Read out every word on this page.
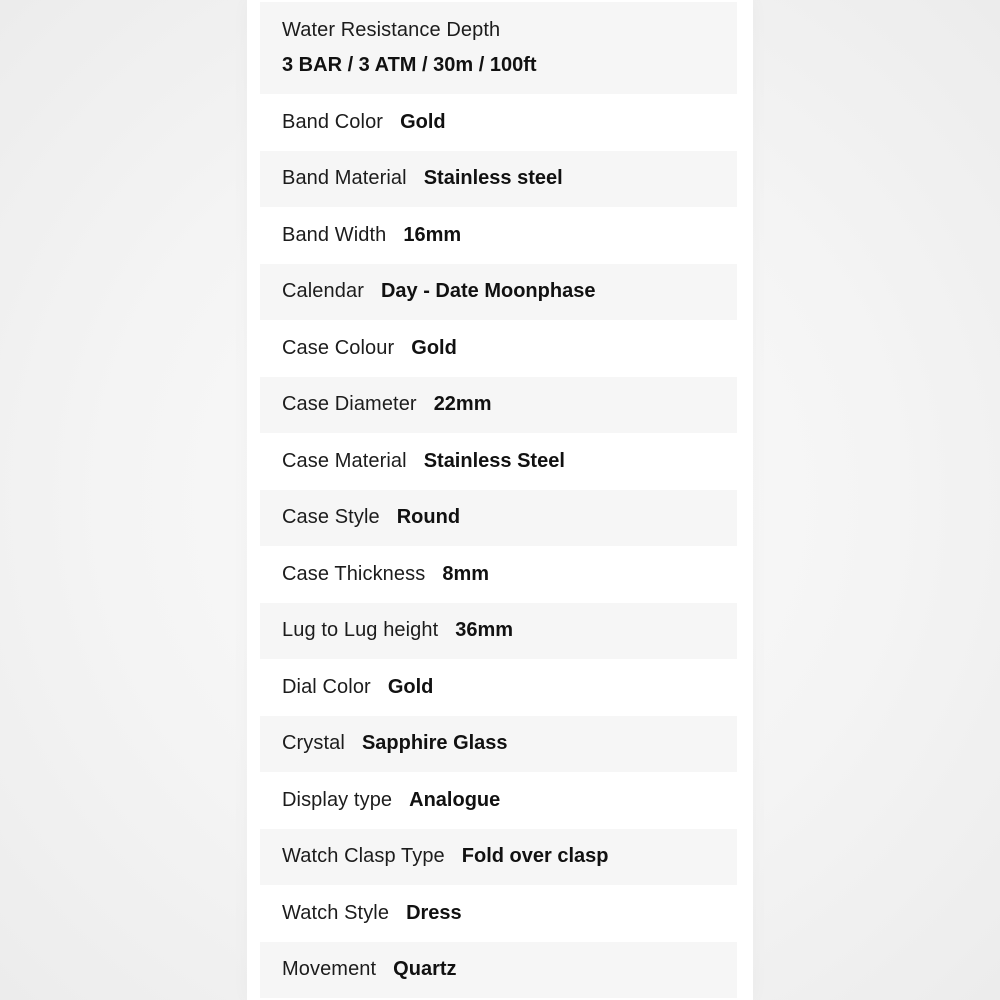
Water Resistance Depth
3 BAR / 3 ATM / 30m / 100ft
Band Color Gold
Band Material Stainless steel
Band Width 16mm
Calendar Day - Date Moonphase
Case Colour Gold
Case Diameter 22mm
Case Material Stainless Steel
Case Style Round
Case Thickness 8mm
Lug to Lug height 36mm
Dial Color Gold
Crystal Sapphire Glass
Display type Analogue
Watch Clasp Type Fold over clasp
Watch Style Dress
Movement Quartz
